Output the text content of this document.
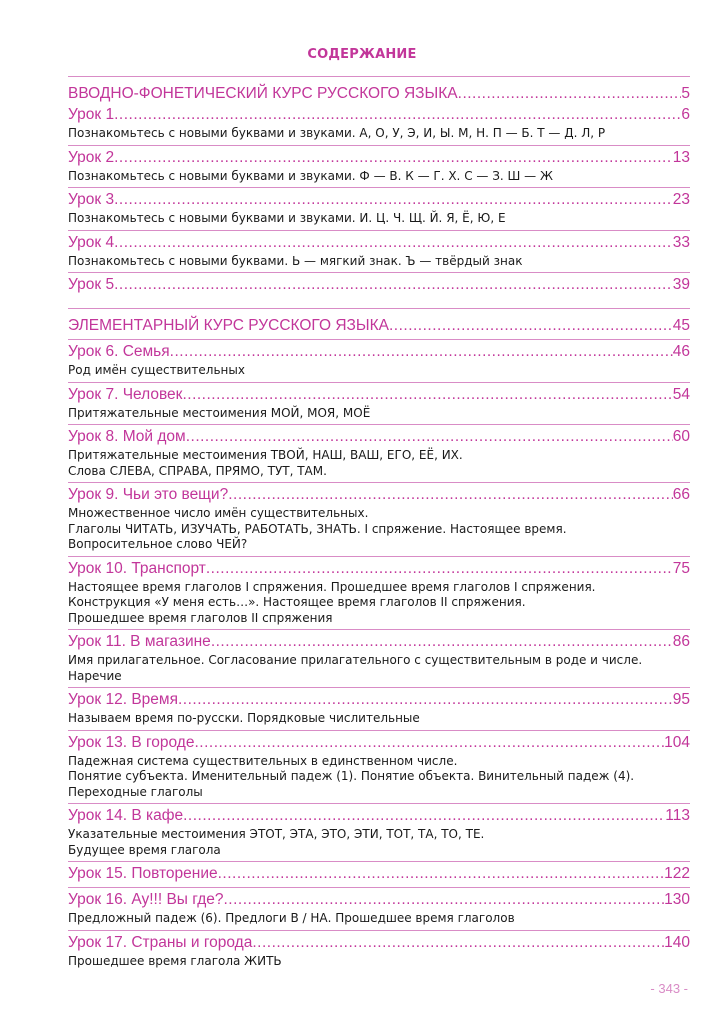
СОДЕРЖАНИЕ
ВВОДНО-ФОНЕТИЧЕСКИЙ КУРС РУССКОГО ЯЗЫКА .....	5
Урок 1 .....	6
Познакомьтесь с новыми буквами и звуками. А, О, У, Э, И, Ы. М, Н. П — Б. Т — Д. Л, Р
Урок 2 .....	13
Познакомьтесь с новыми буквами и звуками. Ф — В. К — Г. Х. С — З. Ш — Ж
Урок 3 .....	23
Познакомьтесь с новыми буквами и звуками. И. Ц. Ч. Щ. Й. Я, Ё, Ю, Е
Урок 4 .....	33
Познакомьтесь с новыми буквами. Ь — мягкий знак. Ъ — твёрдый знак
Урок 5 .....	39
ЭЛЕМЕНТАРНЫЙ КУРС РУССКОГО ЯЗЫКА .....	45
Урок 6. Семья .....	46
Род имён существительных
Урок 7. Человек .....	54
Притяжательные местоимения МОЙ, МОЯ, МОЁ
Урок 8. Мой дом .....	60
Притяжательные местоимения ТВОЙ, НАШ, ВАШ, ЕГО, ЕЁ, ИХ.
Слова СЛЕВА, СПРАВА, ПРЯМО, ТУТ, ТАМ.
Урок 9. Чьи это вещи? .....	66
Множественное число имён существительных.
Глаголы ЧИТАТЬ, ИЗУЧАТЬ, РАБОТАТЬ, ЗНАТЬ. I спряжение. Настоящее время.
Вопросительное слово ЧЕЙ?
Урок 10. Транспорт .....	75
Настоящее время глаголов I спряжения. Прошедшее время глаголов I спряжения.
Конструкция «У меня есть…». Настоящее время глаголов II спряжения.
Прошедшее время глаголов II спряжения
Урок 11. В магазине .....	86
Имя прилагательное. Согласование прилагательного с существительным в роде и числе.
Наречие
Урок 12. Время .....	95
Называем время по-русски. Порядковые числительные
Урок 13. В городе .....	104
Падежная система существительных в единственном числе.
Понятие субъекта. Именительный падеж (1). Понятие объекта. Винительный падеж (4).
Переходные глаголы
Урок 14. В кафе .....	113
Указательные местоимения ЭТОТ, ЭТА, ЭТО, ЭТИ, ТОТ, ТА, ТО, ТЕ.
Будущее время глагола
Урок 15. Повторение .....	122
Урок 16. Ау!!! Вы где? .....	130
Предложный падеж (6). Предлоги В / НА. Прошедшее время глаголов
Урок 17. Страны и города .....	140
Прошедшее время глагола ЖИТЬ
- 343 -
